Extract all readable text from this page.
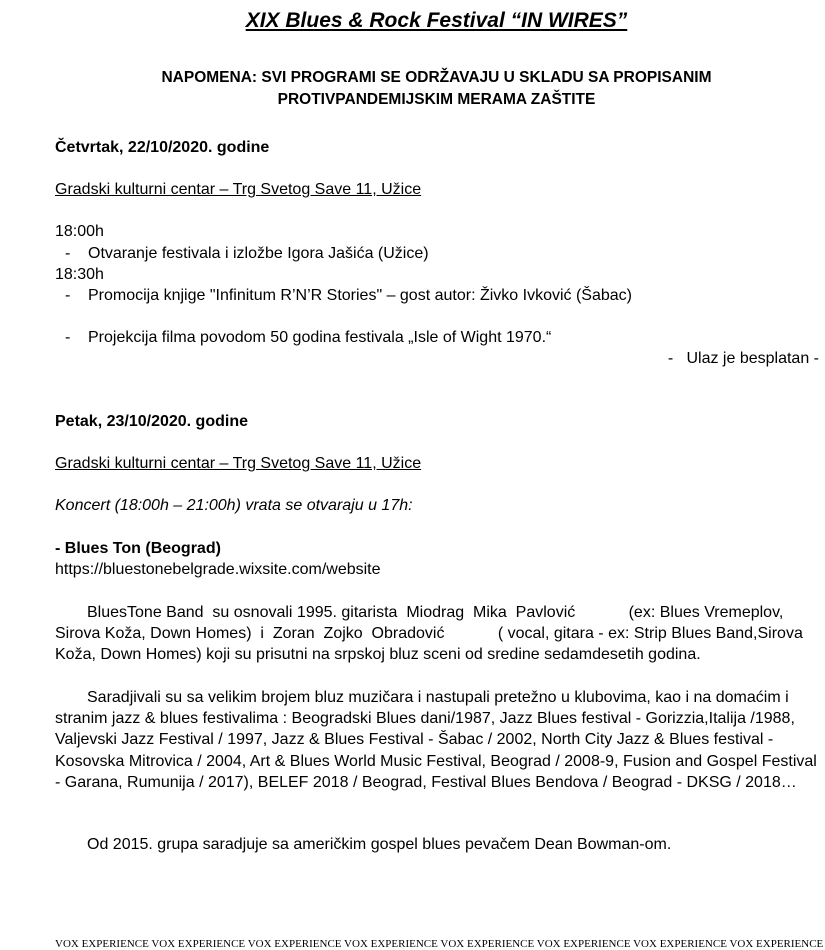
XIX Blues & Rock Festival “IN WIRES”
NAPOMENA: SVI PROGRAMI SE ODRŽAVAJU U SKLADU SA PROPISANIM
PROTIVPANDEMIJSKIM MERAMA ZAŠTITE
Četvrtak, 22/10/2020. godine
Gradski kulturni centar – Trg Svetog Save 11, Užice
18:00h
- Otvaranje festivala i izložbe Igora Jašića (Užice)
18:30h
- Promocija knjige "Infinitum R’N’R Stories" – gost autor: Živko Ivković (Šabac)
- Projekcija filma povodom 50 godina festivala „Isle of Wight 1970.“
-   Ulaz je besplatan -
Petak, 23/10/2020. godine
Gradski kulturni centar – Trg Svetog Save 11, Užice
Koncert (18:00h – 21:00h) vrata se otvaraju u 17h:
- Blues Ton (Beograd)
https://bluestonebelgrade.wixsite.com/website
BluesTone Band  su osnovali 1995. gitarista  Miodrag  Mika  Pavlović            (ex: Blues Vremeplov, Sirova Koža, Down Homes)  i  Zoran  Zojko  Obradović            ( vocal, gitara - ex: Strip Blues Band,Sirova Koža, Down Homes) koji su prisutni na srpskoj bluz sceni od sredine sedamdesetih godina.
Saradjivali su sa velikim brojem bluz muzičara i nastupali pretežno u klubovima, kao i na domaćim i stranim jazz & blues festivalima : Beogradski Blues dani/1987, Jazz Blues festival - Gorizzia,Italija /1988, Valjevski Jazz Festival / 1997, Jazz & Blues Festival - Šabac / 2002, North City Jazz & Blues festival - Kosovska Mitrovica / 2004, Art & Blues World Music Festival, Beograd / 2008-9, Fusion and Gospel Festival - Garana, Rumunija / 2017), BELEF 2018 / Beograd, Festival Blues Bendova / Beograd - DKSG / 2018…
Od 2015. grupa saradjuje sa američkim gospel blues pevačem Dean Bowman-om.
VOX EXPERIENCE VOX EXPERIENCE VOX EXPERIENCE VOX EXPERIENCE VOX EXPERIENCE VOX EXPERIENCE VOX EXPERIENCE VOX EXPERIENCE
